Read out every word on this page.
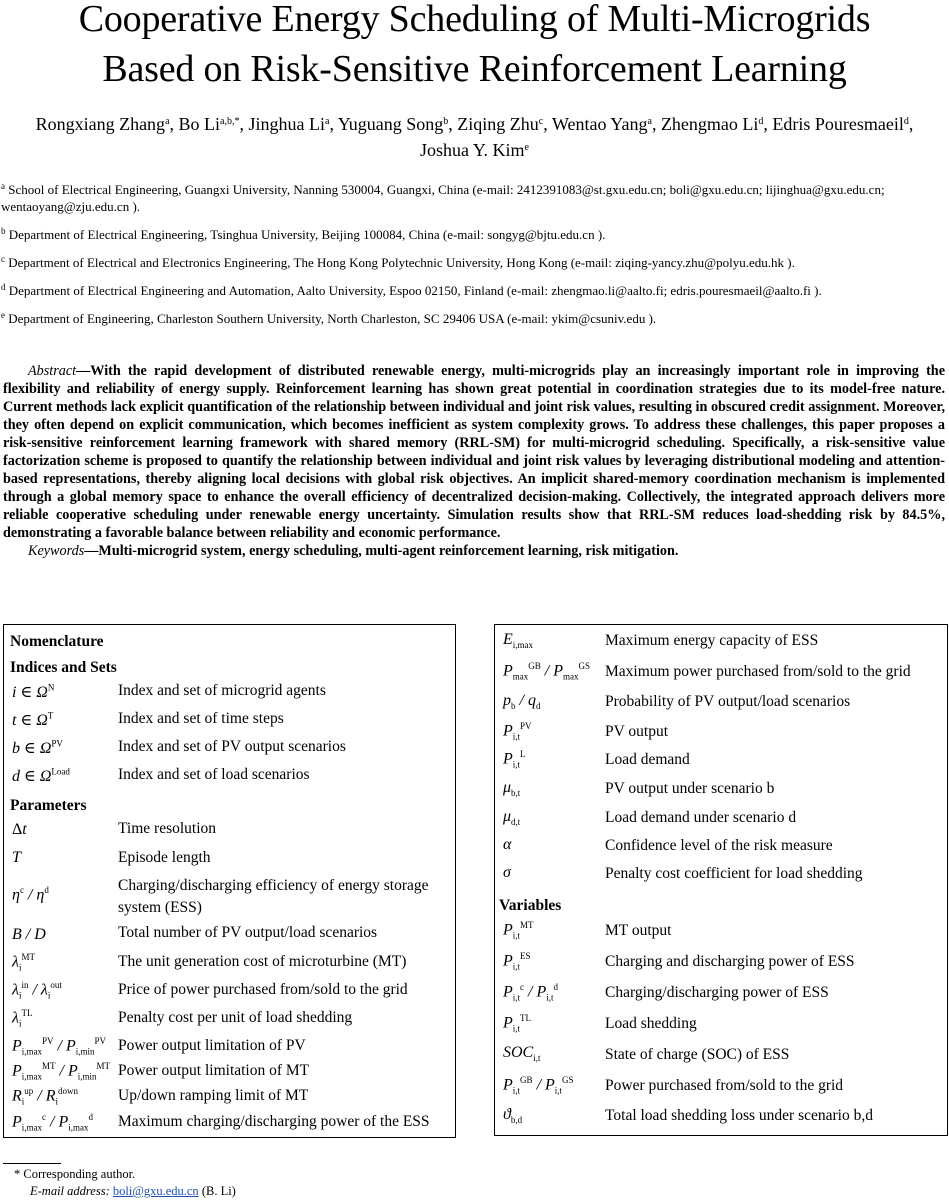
Cooperative Energy Scheduling of Multi-Microgrids
Based on Risk-Sensitive Reinforcement Learning
Rongxiang Zhang$^a$, Bo $Li^{a,b,*}$, Jinghua Li$^a$, Yuguang Song$^b$, Ziqing Zhu$^c$, Wentao Yang$^a$, Zhengmao Li$^d$, Edris Pouresmaeil$^d$, Joshua Y. Kim$^e$
$^a$ School of Electrical Engineering, Guangxi University, Nanning 530004, Guangxi, China (e-mail: 2412391083@st.gxu.edu.cn; boli@gxu.edu.cn; lijinghua@gxu.edu.cn; wentaoyang@zju.edu.cn ).
$^b$ Department of Electrical Engineering, Tsinghua University, Beijing 100084, China (e-mail: songyg@bjtu.edu.cn ).
$^c$ Department of Electrical and Electronics Engineering, The Hong Kong Polytechnic University, Hong Kong (e-mail: ziqing-yancy.zhu@polyu.edu.hk ).
$^d$ Department of Electrical Engineering and Automation, Aalto University, Espoo 02150, Finland (e-mail: zhengmao.li@aalto.fi; edris.pouresmaeil@aalto.fi ).
$^e$ Department of Engineering, Charleston Southern University, North Charleston, SC 29406 USA (e-mail: ykim@csuniv.edu ).

Abstract—With the rapid development of distributed renewable energy, multi-microgrids play an increasingly important role in improving the flexibility and reliability of energy supply. Reinforcement learning has shown great potential in coordination strategies due to its model-free nature. Current methods lack explicit quantification of the relationship between individual and joint risk values, resulting in obscured credit assignment. Moreover, they often depend on explicit communication, which becomes inefficient as system complexity grows. To address these challenges, this paper proposes a risk-sensitive reinforcement learning framework with shared memory (RRL-SM) for multi-microgrid scheduling. Specifically, a risk-sensitive value factorization scheme is proposed to quantify the relationship between individual and joint risk values by leveraging distributional modeling and attention-based representations, thereby aligning local decisions with global risk objectives. An implicit shared-memory coordination mechanism is implemented through a global memory space to enhance the overall efficiency of decentralized decision-making. Collectively, the integrated approach delivers more reliable cooperative scheduling under renewable energy uncertainty. Simulation results show that RRL-SM reduces load-shedding risk by 84.5%, demonstrating a favorable balance between reliability and economic performance.

Keywords—Multi-microgrid system, energy scheduling, multi-agent reinforcement learning, risk mitigation.

Nomenclature
Indices and Sets
i ∈ $\Omega^N$	Index and set of microgrid agents
t ∈ $\Omega^T$	Index and set of time steps
b ∈ $\Omega^{PV}$	Index and set of PV output scenarios
d ∈ $\Omega^{Load}$	Index and set of load scenarios
Parameters
Δt	Time resolution
T	Episode length
$\eta^c / \eta^d$	Charging/discharging efficiency of energy storage system (ESS)
B / D	Total number of PV output/load scenarios
$\lambda_i^{MT}$	The unit generation cost of microturbine (MT)
$\lambda_i^{in} / \lambda_i^{out}$	Price of power purchased from/sold to the grid
$\lambda_i^{TL}$	Penalty cost per unit of load shedding
$P_{i,max}^{PV} / P_{i,min}^{PV}$ Power output limitation of PV
$P_{i,max}^{MT} / P_{i,min}^{MT}$ Power output limitation of MT
$R_i^{up} / R_i^{down}$	Up/down ramping limit of MT
$P_{i,max}^c / P_{i,max}^d$ Maximum charging/discharging power of the ESS
$E_{i,max}$	Maximum energy capacity of ESS
$P_{max}^{GB} / P_{max}^{GS}$ Maximum power purchased from/sold to the grid
$p_b / q_d$	Probability of PV output/load scenarios
$P_{i,t}^{PV}$	PV output
$P_{i,t}^L$	Load demand
$\mu_{b,t}$	PV output under scenario b
$\mu_{d,t}$	Load demand under scenario d
α	Confidence level of the risk measure
σ	Penalty cost coefficient for load shedding
Variables
$P_{i,t}^{MT}$	MT output
$P_{i,t}^{ES}$	Charging and discharging power of ESS
$P_{i,t}^c / P_{i,t}^d$	Charging/discharging power of ESS
$P_{i,t}^{TL}$	Load shedding
$SOC_{i,t}$	State of charge (SOC) of ESS
$P_{i,t}^{GB} / P_{i,t}^{GS}$ Power purchased from/sold to the grid
$ϑ_{b,d}$	Total load shedding loss under scenario b,d
* Corresponding author.
E-mail address: boli@gxu.edu.cn (B. Li)
